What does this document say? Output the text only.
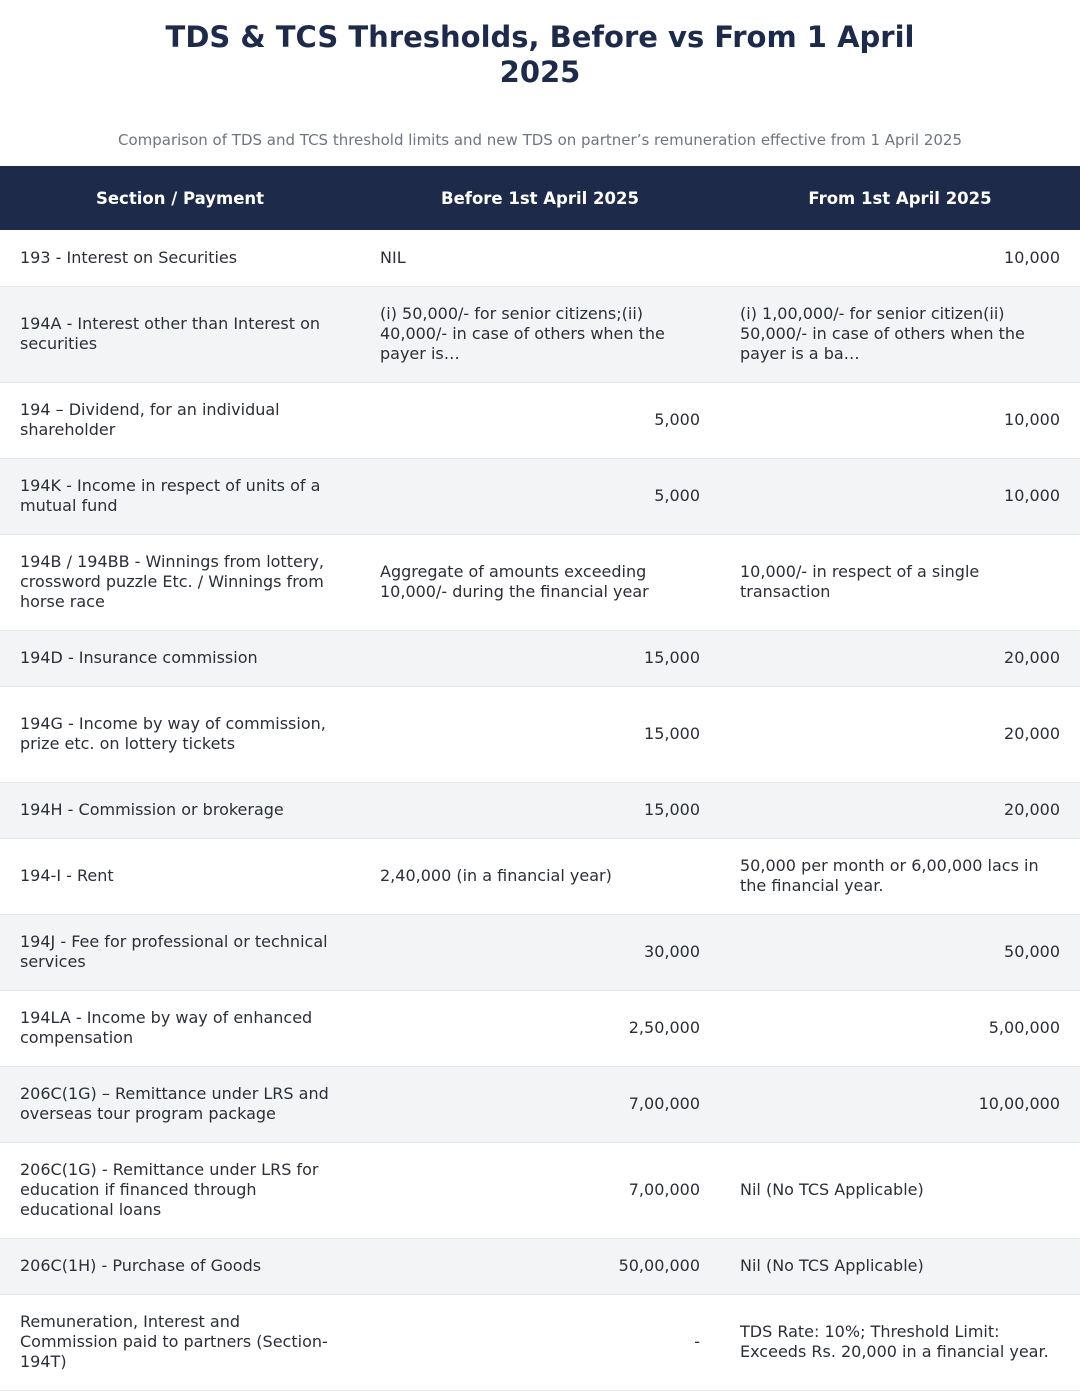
TDS & TCS Thresholds, Before vs From 1 April 2025
Comparison of TDS and TCS threshold limits and new TDS on partner’s remuneration effective from 1 April 2025
Section / Payment	Before 1st April 2025	From 1st April 2025

193 - Interest on Securities	NIL	10,000

194A - Interest other than Interest on securities	(i) 50,000/- for senior citizens;(ii) 40,000/- in case of others when the payer is…	(i) 1,00,000/- for senior citizen(ii) 50,000/- in case of others when the payer is a ba…

194 – Dividend, for an individual shareholder	5,000	10,000

194K - Income in respect of units of a mutual fund	5,000	10,000

194B / 194BB - Winnings from lottery, crossword puzzle Etc. / Winnings from horse race	Aggregate of amounts exceeding 10,000/- during the financial year	10,000/- in respect of a single transaction

194D - Insurance commission	15,000	20,000

194G - Income by way of commission, prize etc. on lottery tickets	15,000	20,000

194H - Commission or brokerage	15,000	20,000

194-I - Rent	2,40,000 (in a financial year)	50,000 per month or 6,00,000 lacs in the financial year.

194J - Fee for professional or technical services	30,000	50,000

194LA - Income by way of enhanced compensation	2,50,000	5,00,000

206C(1G) – Remittance under LRS and overseas tour program package	7,00,000	10,00,000

206C(1G) - Remittance under LRS for education if financed through educational loans	7,00,000	Nil (No TCS Applicable)

206C(1H) - Purchase of Goods	50,00,000	Nil (No TCS Applicable)

Remuneration, Interest and Commission paid to partners (Section-194T)	-	TDS Rate: 10%; Threshold Limit: Exceeds Rs. 20,000 in a financial year.
